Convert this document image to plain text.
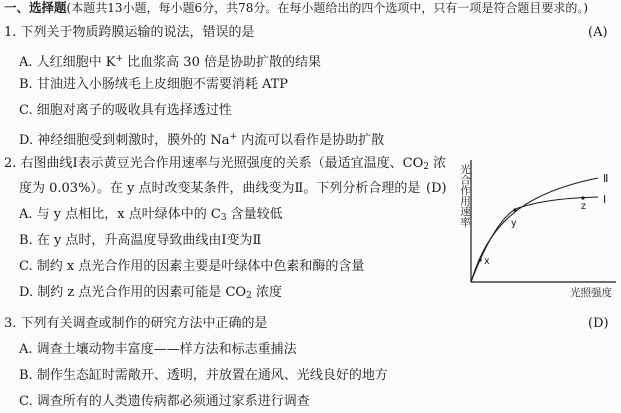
一、选择题(本题共13小题，每小题6分，共78分。在每小题给出的四个选项中，只有一项是符合题目要求的。)
1. 下列关于物质跨膜运输的说法，错误的是	(A)
A. 人红细胞中 K+ 比血浆高 30 倍是协助扩散的结果
B. 甘油进入小肠绒毛上皮细胞不需要消耗 ATP
C. 细胞对离子的吸收具有选择透过性
D. 神经细胞受到刺激时，膜外的 Na+ 内流可以看作是协助扩散
2. 右图曲线Ⅰ表示黄豆光合作用速率与光照强度的关系（最适宜温度、$CO_2$ 浓
度为 0.03%）。在 y 点时改变某条件，曲线变为Ⅱ。下列分析合理的是 (D)
A. 与 y 点相比，x 点叶绿体中的 $C_3$ 含量较低
B. 在 y 点时，升高温度导致曲线由Ⅰ变为Ⅱ
C. 制约 x 点光合作用的因素主要是叶绿体中色素和酶的含量
D. 制约 z 点光合作用的因素可能是 $CO_2$ 浓度
光合作用速率
x
y
z
Ⅱ
Ⅰ
光照强度
3. 下列有关调查或制作的研究方法中正确的是	(D)
A. 调查土壤动物丰富度——样方法和标志重捕法
B. 制作生态缸时需敞开、透明，并放置在通风、光线良好的地方
C. 调查所有的人类遗传病都必须通过家系进行调查
